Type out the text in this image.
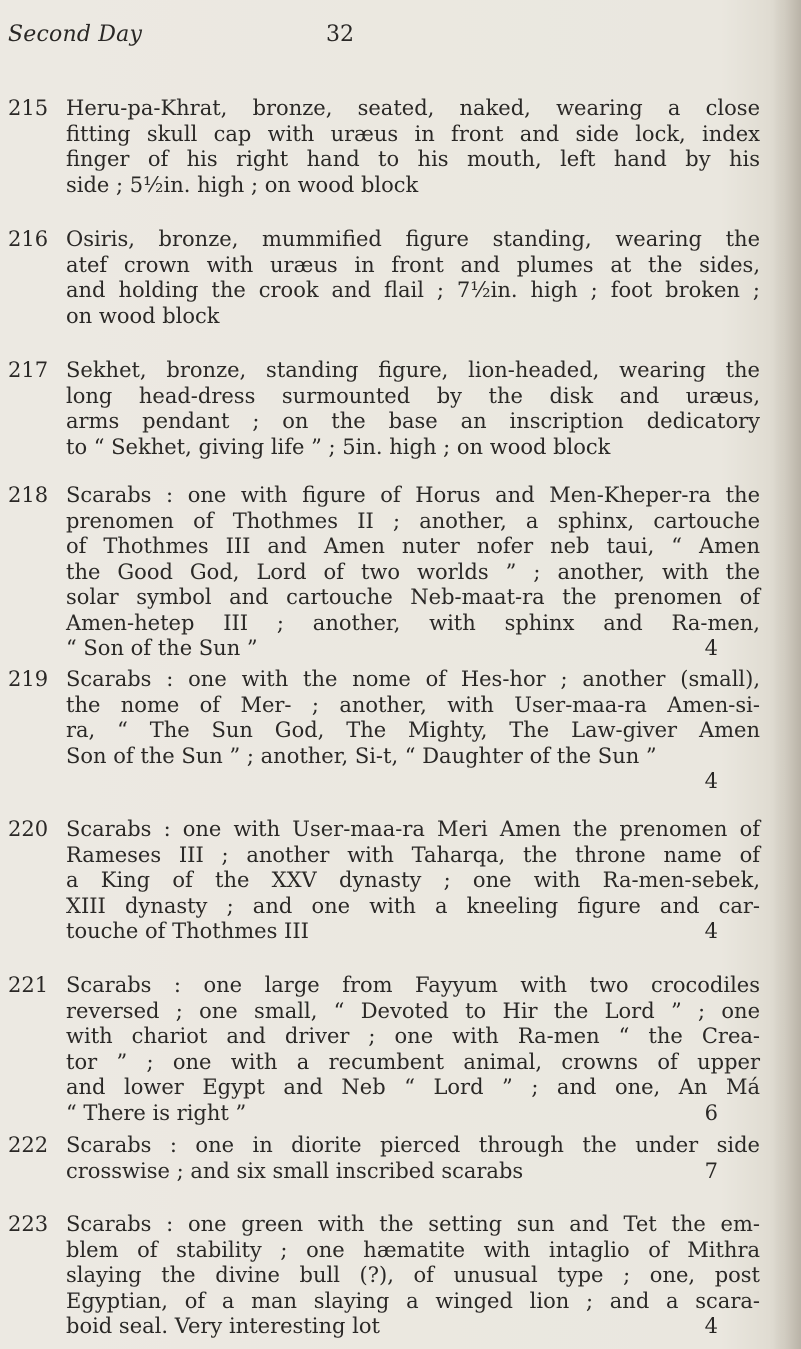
Second Day	32
215 Heru-pa-Khrat, bronze, seated, naked, wearing a close
fitting skull cap with uræus in front and side lock, index
finger of his right hand to his mouth, left hand by his
side ; 5½in. high ; on wood block
216 Osiris, bronze, mummified figure standing, wearing the
atef crown with uræus in front and plumes at the sides,
and holding the crook and flail ; 7½in. high ; foot broken ;
on wood block
217 Sekhet, bronze, standing figure, lion-headed, wearing the
long head-dress surmounted by the disk and uræus,
arms pendant ; on the base an inscription dedicatory
to “ Sekhet, giving life ” ; 5in. high ; on wood block
218 Scarabs : one with figure of Horus and Men-Kheper-ra the
prenomen of Thothmes II ; another, a sphinx, cartouche
of Thothmes III and Amen nuter nofer neb taui, “ Amen
the Good God, Lord of two worlds ” ; another, with the
solar symbol and cartouche Neb-maat-ra the prenomen of
Amen-hetep III ; another, with sphinx and Ra-men,
“ Son of the Sun ”	4
219 Scarabs : one with the nome of Hes-hor ; another (small),
the nome of Mer- ; another, with User-maa-ra Amen-si-
ra, “ The Sun God, The Mighty, The Law-giver Amen
Son of the Sun ” ; another, Si-t, “ Daughter of the Sun ”
4
220 Scarabs : one with User-maa-ra Meri Amen the prenomen of
Rameses III ; another with Taharqa, the throne name of
a King of the XXV dynasty ; one with Ra-men-sebek,
XIII dynasty ; and one with a kneeling figure and car-
touche of Thothmes III	4
221 Scarabs : one large from Fayyum with two crocodiles
reversed ; one small, “ Devoted to Hir the Lord ” ; one
with chariot and driver ; one with Ra-men “ the Crea-
tor ” ; one with a recumbent animal, crowns of upper
and lower Egypt and Neb “ Lord ” ; and one, An Má
“ There is right ”	6
222 Scarabs : one in diorite pierced through the under side
crosswise ; and six small inscribed scarabs	7
223 Scarabs : one green with the setting sun and Tet the em-
blem of stability ; one hæmatite with intaglio of Mithra
slaying the divine bull (?), of unusual type ; one, post
Egyptian, of a man slaying a winged lion ; and a scara-
boid seal. Very interesting lot	4
